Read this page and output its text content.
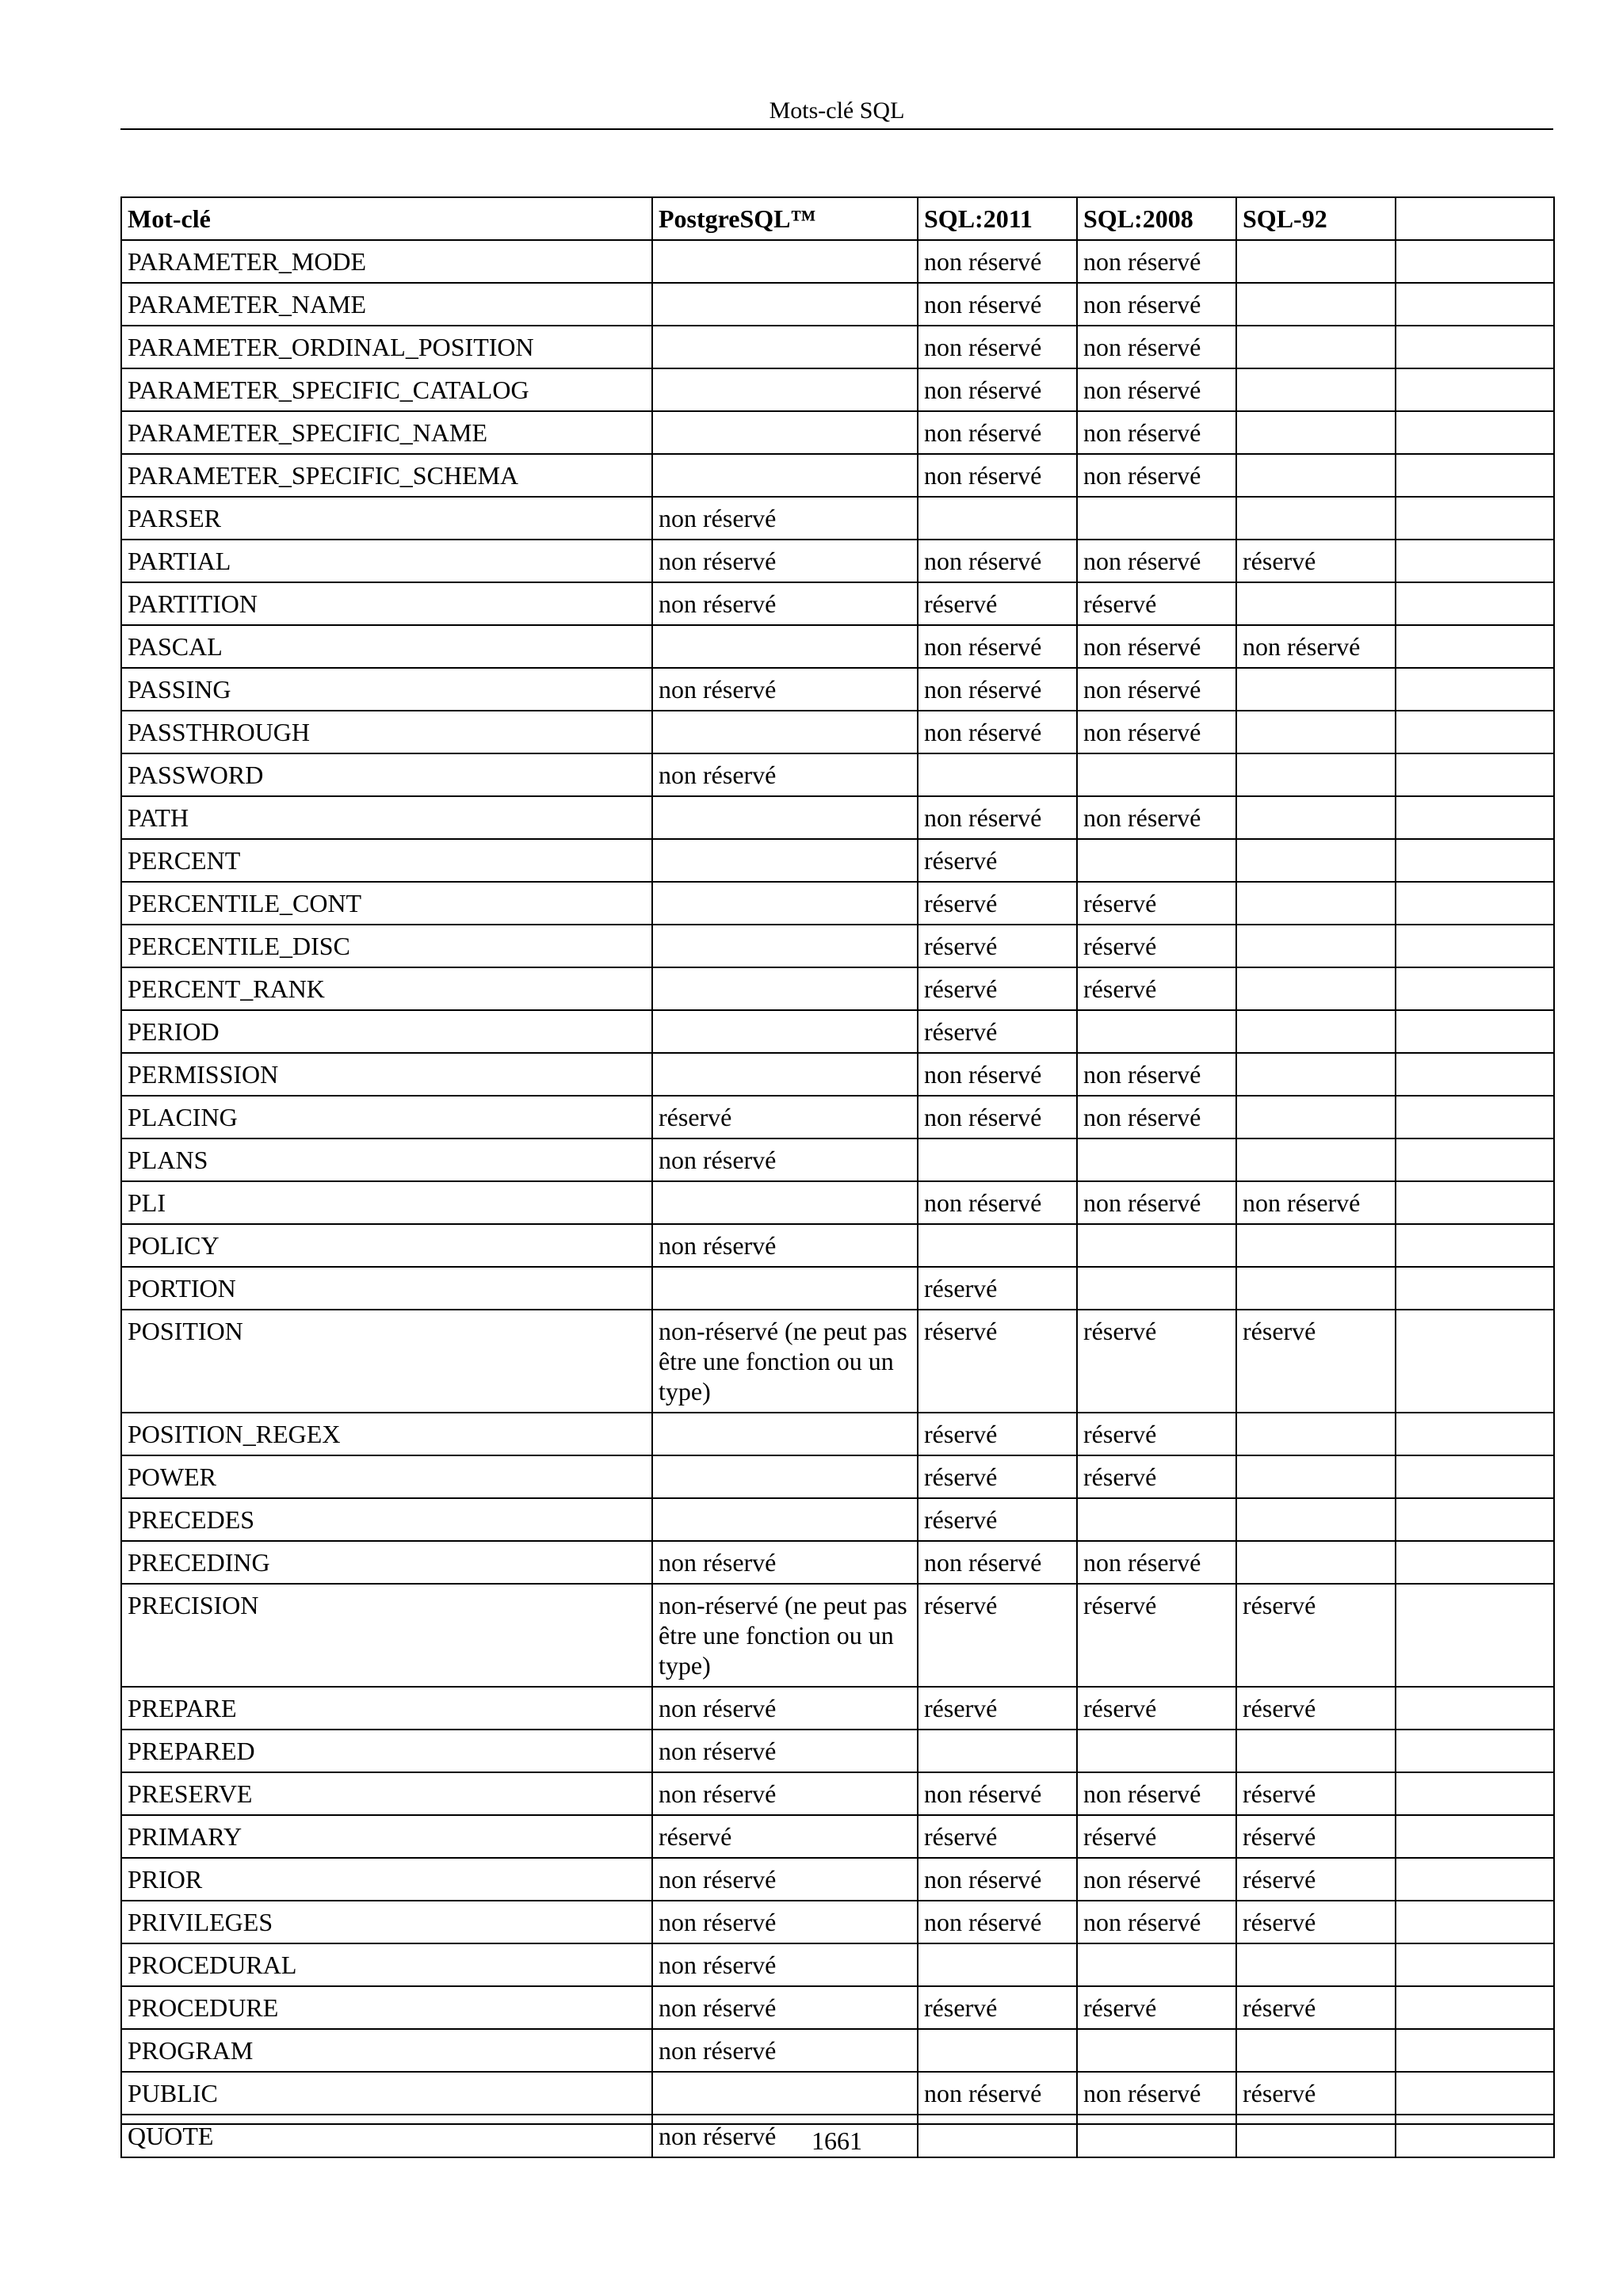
Mots-clé SQL
Mot-clé	PostgreSQL™	SQL:2011	SQL:2008	SQL-92	
PARAMETER_MODE		non réservé	non réservé		
PARAMETER_NAME		non réservé	non réservé		
PARAMETER_ORDINAL_POSITION		non réservé	non réservé		
PARAMETER_SPECIFIC_CATALOG		non réservé	non réservé		
PARAMETER_SPECIFIC_NAME		non réservé	non réservé		
PARAMETER_SPECIFIC_SCHEMA		non réservé	non réservé		
PARSER	non réservé				
PARTIAL	non réservé	non réservé	non réservé	réservé	
PARTITION	non réservé	réservé	réservé		
PASCAL		non réservé	non réservé	non réservé	
PASSING	non réservé	non réservé	non réservé		
PASSTHROUGH		non réservé	non réservé		
PASSWORD	non réservé				
PATH		non réservé	non réservé		
PERCENT		réservé			
PERCENTILE_CONT		réservé	réservé		
PERCENTILE_DISC		réservé	réservé		
PERCENT_RANK		réservé	réservé		
PERIOD		réservé			
PERMISSION		non réservé	non réservé		
PLACING	réservé	non réservé	non réservé		
PLANS	non réservé				
PLI		non réservé	non réservé	non réservé	
POLICY	non réservé				
PORTION		réservé			
POSITION	non-réservé (ne peut pas être une fonction ou un type)	réservé	réservé	réservé	
POSITION_REGEX		réservé	réservé		
POWER		réservé	réservé		
PRECEDES		réservé			
PRECEDING	non réservé	non réservé	non réservé		
PRECISION	non-réservé (ne peut pas être une fonction ou un type)	réservé	réservé	réservé	
PREPARE	non réservé	réservé	réservé	réservé	
PREPARED	non réservé				
PRESERVE	non réservé	non réservé	non réservé	réservé	
PRIMARY	réservé	réservé	réservé	réservé	
PRIOR	non réservé	non réservé	non réservé	réservé	
PRIVILEGES	non réservé	non réservé	non réservé	réservé	
PROCEDURAL	non réservé				
PROCEDURE	non réservé	réservé	réservé	réservé	
PROGRAM	non réservé				
PUBLIC		non réservé	non réservé	réservé	
QUOTE	non réservé					1661
